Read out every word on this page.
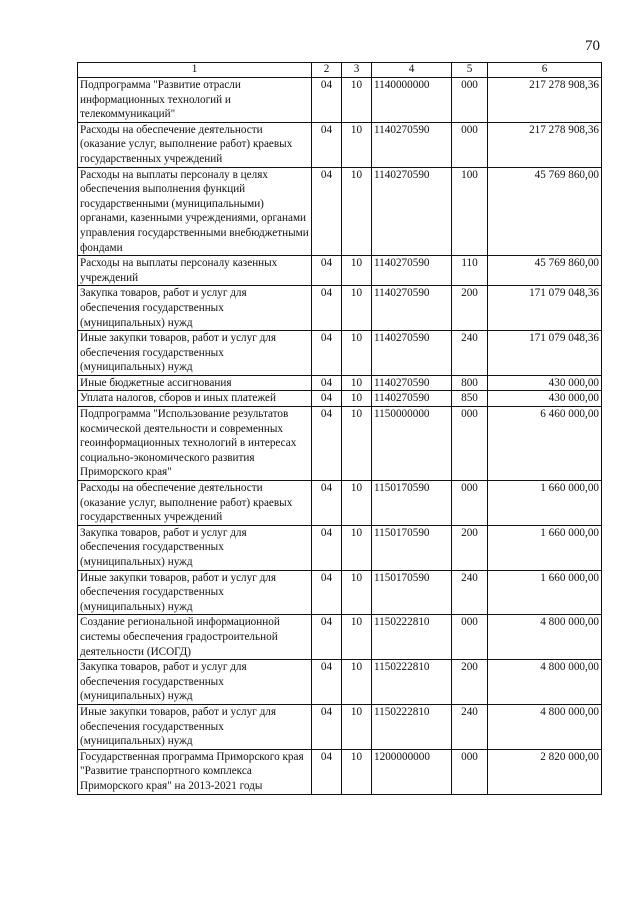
70
1	2	3	4	5	6
Подпрограмма "Развитие отрасли информационных технологий и телекоммуникаций"	04	10	1140000000	000	217 278 908,36
Расходы на обеспечение деятельности (оказание услуг, выполнение работ) краевых государственных учреждений	04	10	1140270590	000	217 278 908,36
Расходы на выплаты персоналу в целях обеспечения выполнения функций государственными (муниципальными) органами, казенными учреждениями, органами управления государственными внебюджетными фондами	04	10	1140270590	100	45 769 860,00
Расходы на выплаты персоналу казенных учреждений	04	10	1140270590	110	45 769 860,00
Закупка товаров, работ и услуг для обеспечения государственных (муниципальных) нужд	04	10	1140270590	200	171 079 048,36
Иные закупки товаров, работ и услуг для обеспечения государственных (муниципальных) нужд	04	10	1140270590	240	171 079 048,36
Иные бюджетные ассигнования	04	10	1140270590	800	430 000,00
Уплата налогов, сборов и иных платежей	04	10	1140270590	850	430 000,00
Подпрограмма "Использование результатов космической деятельности и современных геоинформационных технологий в интересах социально-экономического развития Приморского края"	04	10	1150000000	000	6 460 000,00
Расходы на обеспечение деятельности (оказание услуг, выполнение работ) краевых государственных учреждений	04	10	1150170590	000	1 660 000,00
Закупка товаров, работ и услуг для обеспечения государственных (муниципальных) нужд	04	10	1150170590	200	1 660 000,00
Иные закупки товаров, работ и услуг для обеспечения государственных (муниципальных) нужд	04	10	1150170590	240	1 660 000,00
Создание региональной информационной системы обеспечения градостроительной деятельности (ИСОГД)	04	10	1150222810	000	4 800 000,00
Закупка товаров, работ и услуг для обеспечения государственных (муниципальных) нужд	04	10	1150222810	200	4 800 000,00
Иные закупки товаров, работ и услуг для обеспечения государственных (муниципальных) нужд	04	10	1150222810	240	4 800 000,00
Государственная программа Приморского края "Развитие транспортного комплекса Приморского края" на 2013-2021 годы	04	10	1200000000	000	2 820 000,00
